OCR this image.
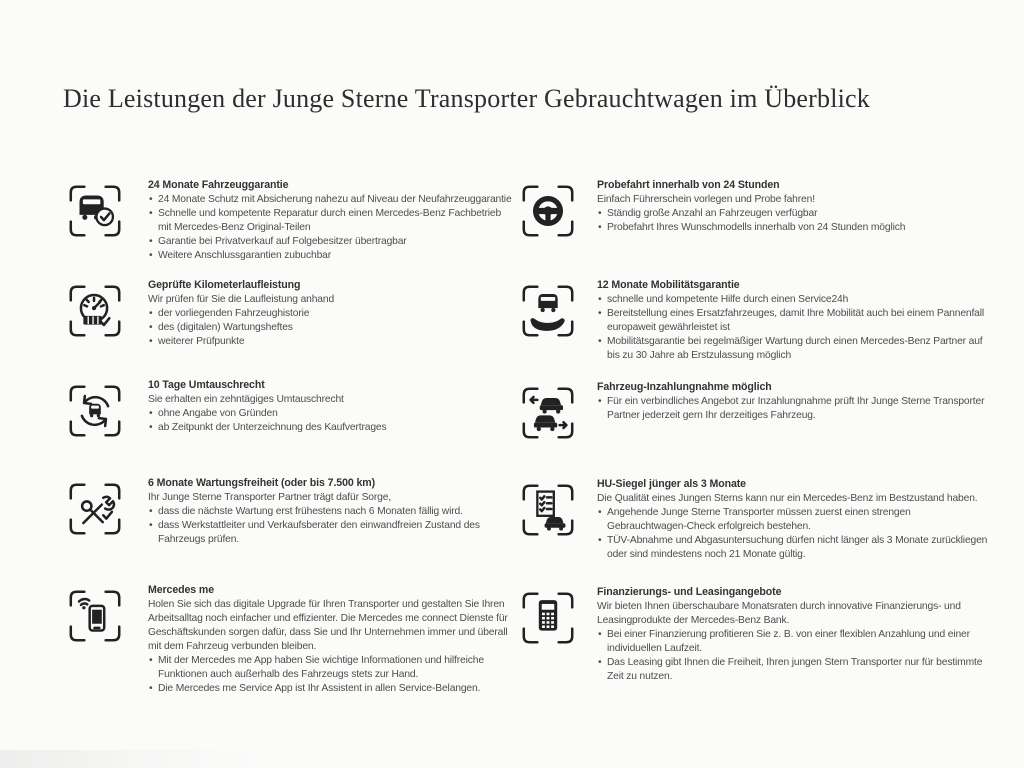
Die Leistungen der Junge Sterne Transporter Gebrauchtwagen im Überblick
24 Monate Fahrzeuggarantie
• 24 Monate Schutz mit Absicherung nahezu auf Niveau der Neufahrzeuggarantie
• Schnelle und kompetente Reparatur durch einen Mercedes-Benz Fachbetrieb mit Mercedes-Benz Original-Teilen
• Garantie bei Privatverkauf auf Folgebesitzer übertragbar
• Weitere Anschlussgarantien zubuchbar
Geprüfte Kilometerlaufleistung
Wir prüfen für Sie die Laufleistung anhand
• der vorliegenden Fahrzeughistorie
• des (digitalen) Wartungsheftes
• weiterer Prüfpunkte
10 Tage Umtauschrecht
Sie erhalten ein zehntägiges Umtauschrecht
• ohne Angabe von Gründen
• ab Zeitpunkt der Unterzeichnung des Kaufvertrages
6 Monate Wartungsfreiheit (oder bis 7.500 km)
Ihr Junge Sterne Transporter Partner trägt dafür Sorge,
• dass die nächste Wartung erst frühestens nach 6 Monaten fällig wird.
• dass Werkstattleiter und Verkaufsberater den einwandfreien Zustand des Fahrzeugs prüfen.
Mercedes me
Holen Sie sich das digitale Upgrade für Ihren Transporter und gestalten Sie Ihren Arbeitsalltag noch einfacher und effizienter. Die Mercedes me connect Dienste für Geschäftskunden sorgen dafür, dass Sie und Ihr Unternehmen immer und überall mit dem Fahrzeug verbunden bleiben.
• Mit der Mercedes me App haben Sie wichtige Informationen und hilfreiche Funktionen auch außerhalb des Fahrzeugs stets zur Hand.
• Die Mercedes me Service App ist Ihr Assistent in allen Service-Belangen.
Probefahrt innerhalb von 24 Stunden
Einfach Führerschein vorlegen und Probe fahren!
• Ständig große Anzahl an Fahrzeugen verfügbar
• Probefahrt Ihres Wunschmodells innerhalb von 24 Stunden möglich
12 Monate Mobilitätsgarantie
• schnelle und kompetente Hilfe durch einen Service24h
• Bereitstellung eines Ersatzfahrzeuges, damit Ihre Mobilität auch bei einem Pannenfall europaweit gewährleistet ist
• Mobilitätsgarantie bei regelmäßiger Wartung durch einen Mercedes-Benz Partner auf bis zu 30 Jahre ab Erstzulassung möglich
Fahrzeug-Inzahlungnahme möglich
• Für ein verbindliches Angebot zur Inzahlungnahme prüft Ihr Junge Sterne Transporter Partner jederzeit gern Ihr derzeitiges Fahrzeug.
HU-Siegel jünger als 3 Monate
Die Qualität eines Jungen Sterns kann nur ein Mercedes-Benz im Bestzustand haben.
• Angehende Junge Sterne Transporter müssen zuerst einen strengen Gebrauchtwagen-Check erfolgreich bestehen.
• TÜV-Abnahme und Abgasuntersuchung dürfen nicht länger als 3 Monate zurückliegen oder sind mindestens noch 21 Monate gültig.
Finanzierungs- und Leasingangebote
Wir bieten Ihnen überschaubare Monatsraten durch innovative Finanzierungs- und Leasingprodukte der Mercedes-Benz Bank.
• Bei einer Finanzierung profitieren Sie z. B. von einer flexiblen Anzahlung und einer individuellen Laufzeit.
• Das Leasing gibt Ihnen die Freiheit, Ihren jungen Stern Transporter nur für bestimmte Zeit zu nutzen.
